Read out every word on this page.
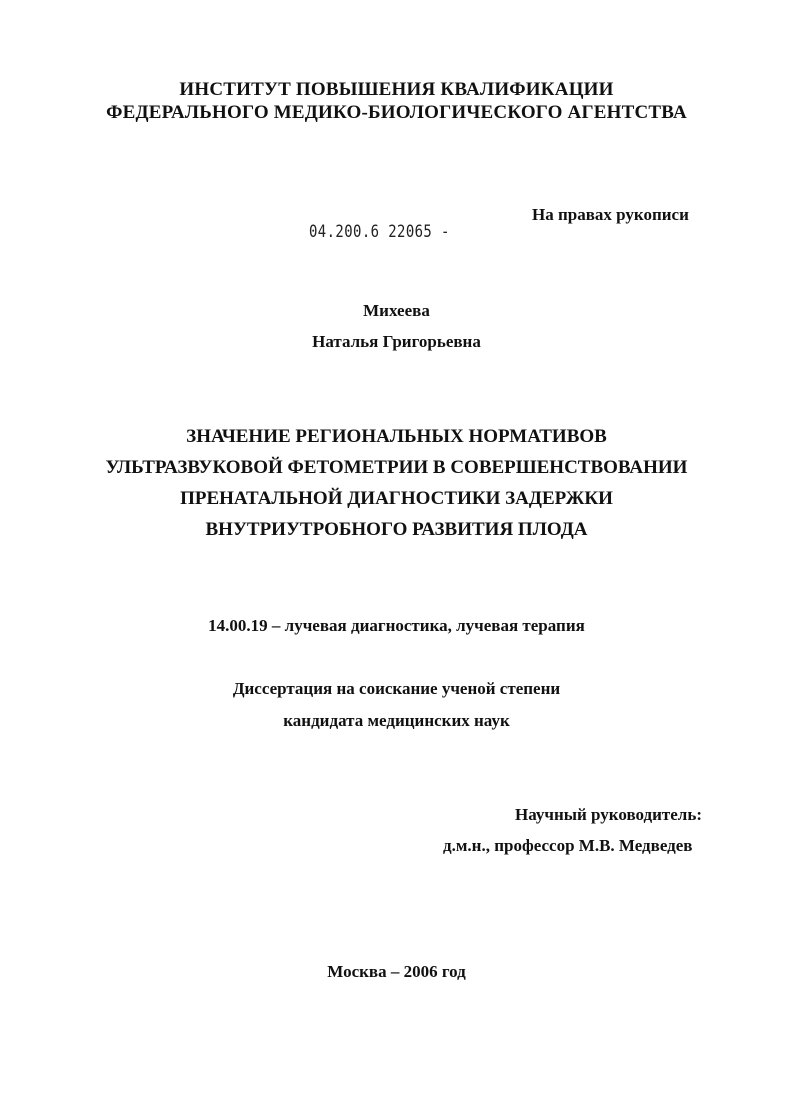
ИНСТИТУТ ПОВЫШЕНИЯ КВАЛИФИКАЦИИ
ФЕДЕРАЛЬНОГО МЕДИКО-БИОЛОГИЧЕСКОГО АГЕНТСТВА
На правах рукописи
04.200.6 22065 -
Михеева
Наталья Григорьевна
ЗНАЧЕНИЕ РЕГИОНАЛЬНЫХ НОРМАТИВОВ
УЛЬТРАЗВУКОВОЙ ФЕТОМЕТРИИ В СОВЕРШЕНСТВОВАНИИ
ПРЕНАТАЛЬНОЙ ДИАГНОСТИКИ ЗАДЕРЖКИ
ВНУТРИУТРОБНОГО РАЗВИТИЯ ПЛОДА
14.00.19 – лучевая диагностика, лучевая терапия
Диссертация на соискание ученой степени
кандидата медицинских наук
Научный руководитель:
д.м.н., профессор М.В. Медведев
Москва – 2006 год
